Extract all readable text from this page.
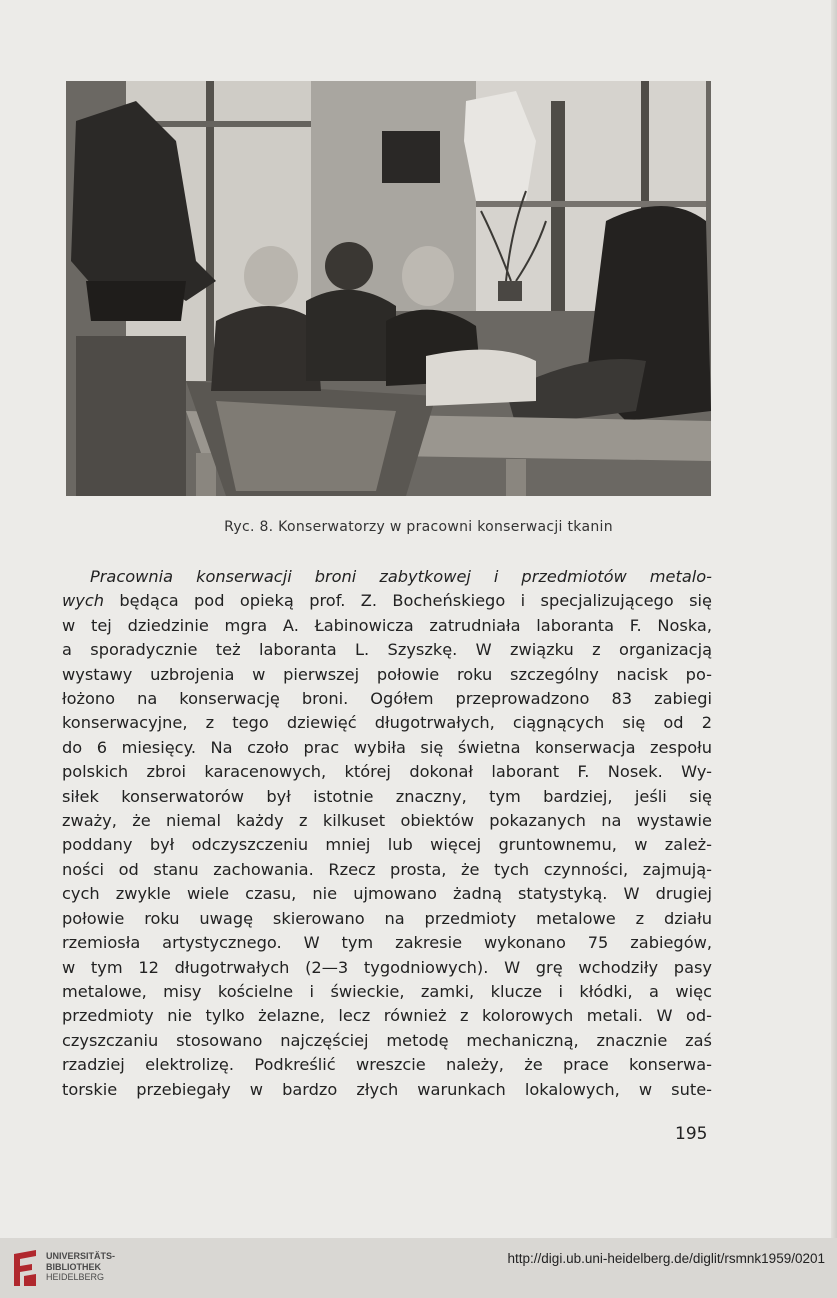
Ryc. 8. Konserwatorzy w pracowni konserwacji tkanin
Pracownia konserwacji broni zabytkowej i przedmiotów metalo-
wych będąca pod opieką prof. Z. Bocheńskiego i specjalizującego się
w tej dziedzinie mgra A. Łabinowicza zatrudniała laboranta F. Noska,
a sporadycznie też laboranta L. Szyszkę. W związku z organizacją
wystawy uzbrojenia w pierwszej połowie roku szczególny nacisk po-
łożono na konserwację broni. Ogółem przeprowadzono 83 zabiegi
konserwacyjne, z tego dziewięć długotrwałych, ciągnących się od 2
do 6 miesięcy. Na czoło prac wybiła się świetna konserwacja zespołu
polskich zbroi karacenowych, której dokonał laborant F. Nosek. Wy-
siłek konserwatorów był istotnie znaczny, tym bardziej, jeśli się
zważy, że niemal każdy z kilkuset obiektów pokazanych na wystawie
poddany był odczyszczeniu mniej lub więcej gruntownemu, w zależ-
ności od stanu zachowania. Rzecz prosta, że tych czynności, zajmują-
cych zwykle wiele czasu, nie ujmowano żadną statystyką. W drugiej
połowie roku uwagę skierowano na przedmioty metalowe z działu
rzemiosła artystycznego. W tym zakresie wykonano 75 zabiegów,
w tym 12 długotrwałych (2—3 tygodniowych). W grę wchodziły pasy
metalowe, misy kościelne i świeckie, zamki, klucze i kłódki, a więc
przedmioty nie tylko żelazne, lecz również z kolorowych metali. W od-
czyszczaniu stosowano najczęściej metodę mechaniczną, znacznie zaś
rzadziej elektrolizę. Podkreślić wreszcie należy, że prace konserwa-
torskie przebiegały w bardzo złych warunkach lokalowych, w sute-
195
UNIVERSITÄTS-
BIBLIOTHEK
HEIDELBERG
http://digi.ub.uni-heidelberg.de/diglit/rsmnk1959/0201
